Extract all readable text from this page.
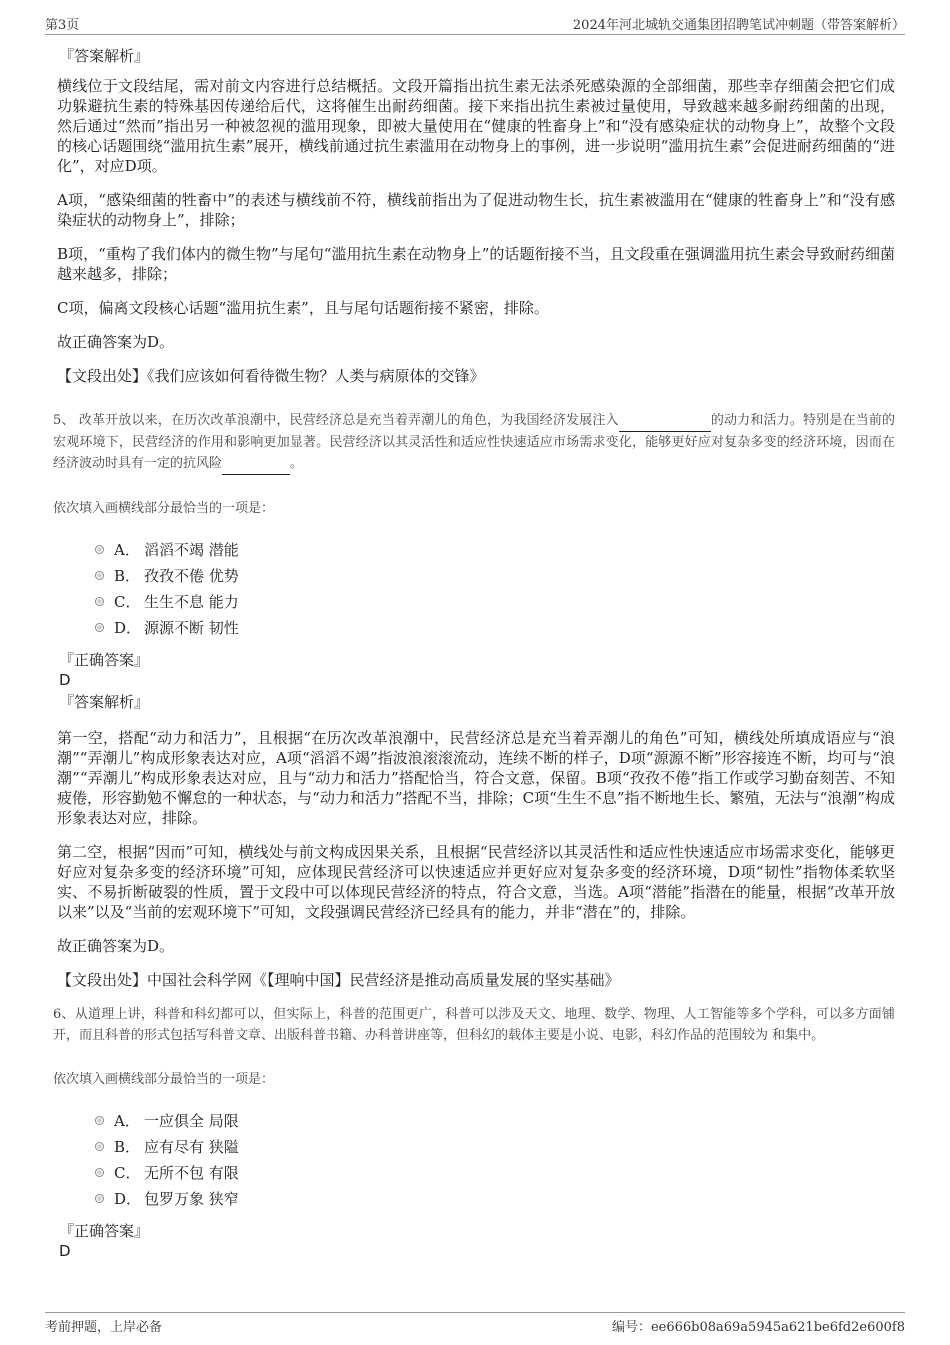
第3页	2024年河北城轨交通集团招聘笔试冲刺题（带答案解析）
『答案解析』

横线位于文段结尾，需对前文内容进行总结概括。文段开篇指出抗生素无法杀死感染源的全部细菌，那些幸存细菌会把它们成功躲避抗生素的特殊基因传递给后代，这将催生出耐药细菌。接下来指出抗生素被过量使用，导致越来越多耐药细菌的出现，然后通过“然而”指出另一种被忽视的滥用现象，即被大量使用在“健康的牲畜身上”和“没有感染症状的动物身上”，故整个文段的核心话题围绕“滥用抗生素”展开，横线前通过抗生素滥用在动物身上的事例，进一步说明“滥用抗生素”会促进耐药细菌的“进化”，对应D项。

A项，“感染细菌的牲畜中”的表述与横线前不符，横线前指出为了促进动物生长，抗生素被滥用在“健康的牲畜身上”和“没有感染症状的动物身上”，排除；

B项，“重构了我们体内的微生物”与尾句“滥用抗生素在动物身上”的话题衔接不当，且文段重在强调滥用抗生素会导致耐药细菌越来越多，排除；

C项，偏离文段核心话题“滥用抗生素”，且与尾句话题衔接不紧密，排除。

故正确答案为D。

【文段出处】《我们应该如何看待微生物？人类与病原体的交锋》

5、 改革开放以来，在历次改革浪潮中，民营经济总是充当着弄潮儿的角色，为我国经济发展注入	的动力和活力。特别是在当前的宏观环境下，民营经济的作用和影响更加显著。民营经济以其灵活性和适应性快速适应市场需求变化，能够更好应对复杂多变的经济环境，因而在经济波动时具有一定的抗风险	。

依次填入画横线部分最恰当的一项是：
A． 滔滔不竭 潜能
B． 孜孜不倦 优势
C． 生生不息 能力
D． 源源不断 韧性
『正确答案』
D
『答案解析』

第一空，搭配“动力和活力”，且根据“在历次改革浪潮中，民营经济总是充当着弄潮儿的角色”可知，横线处所填成语应与“浪潮”“弄潮儿”构成形象表达对应，A项“滔滔不竭”指波浪滚滚流动，连续不断的样子，D项“源源不断”形容接连不断，均可与“浪潮”“弄潮儿”构成形象表达对应，且与“动力和活力”搭配恰当，符合文意，保留。B项“孜孜不倦”指工作或学习勤奋刻苦、不知疲倦，形容勤勉不懈怠的一种状态，与“动力和活力”搭配不当，排除；C项“生生不息”指不断地生长、繁殖，无法与“浪潮”构成形象表达对应，排除。

第二空，根据“因而”可知，横线处与前文构成因果关系，且根据“民营经济以其灵活性和适应性快速适应市场需求变化，能够更好应对复杂多变的经济环境”可知，应体现民营经济可以快速适应并更好应对复杂多变的经济环境，D项“韧性”指物体柔软坚实、不易折断破裂的性质，置于文段中可以体现民营经济的特点，符合文意，当选。A项“潜能”指潜在的能量，根据“改革开放以来”以及“当前的宏观环境下”可知，文段强调民营经济已经具有的能力，并非“潜在”的，排除。

故正确答案为D。

【文段出处】中国社会科学网《【理响中国】民营经济是推动高质量发展的坚实基础》

6、从道理上讲，科普和科幻都可以，但实际上，科普的范围更广，科普可以涉及天文、地理、数学、物理、人工智能等多个学科，可以多方面铺开，而且科普的形式包括写科普文章、出版科普书籍、办科普讲座等，但科幻的载体主要是小说、电影，科幻作品的范围较为 和集中。

依次填入画横线部分最恰当的一项是：
A． 一应俱全 局限
B． 应有尽有 狭隘
C． 无所不包 有限
D． 包罗万象 狭窄
『正确答案』
D
考前押题，上岸必备	编号：ee666b08a69a5945a621be6fd2e600f8
